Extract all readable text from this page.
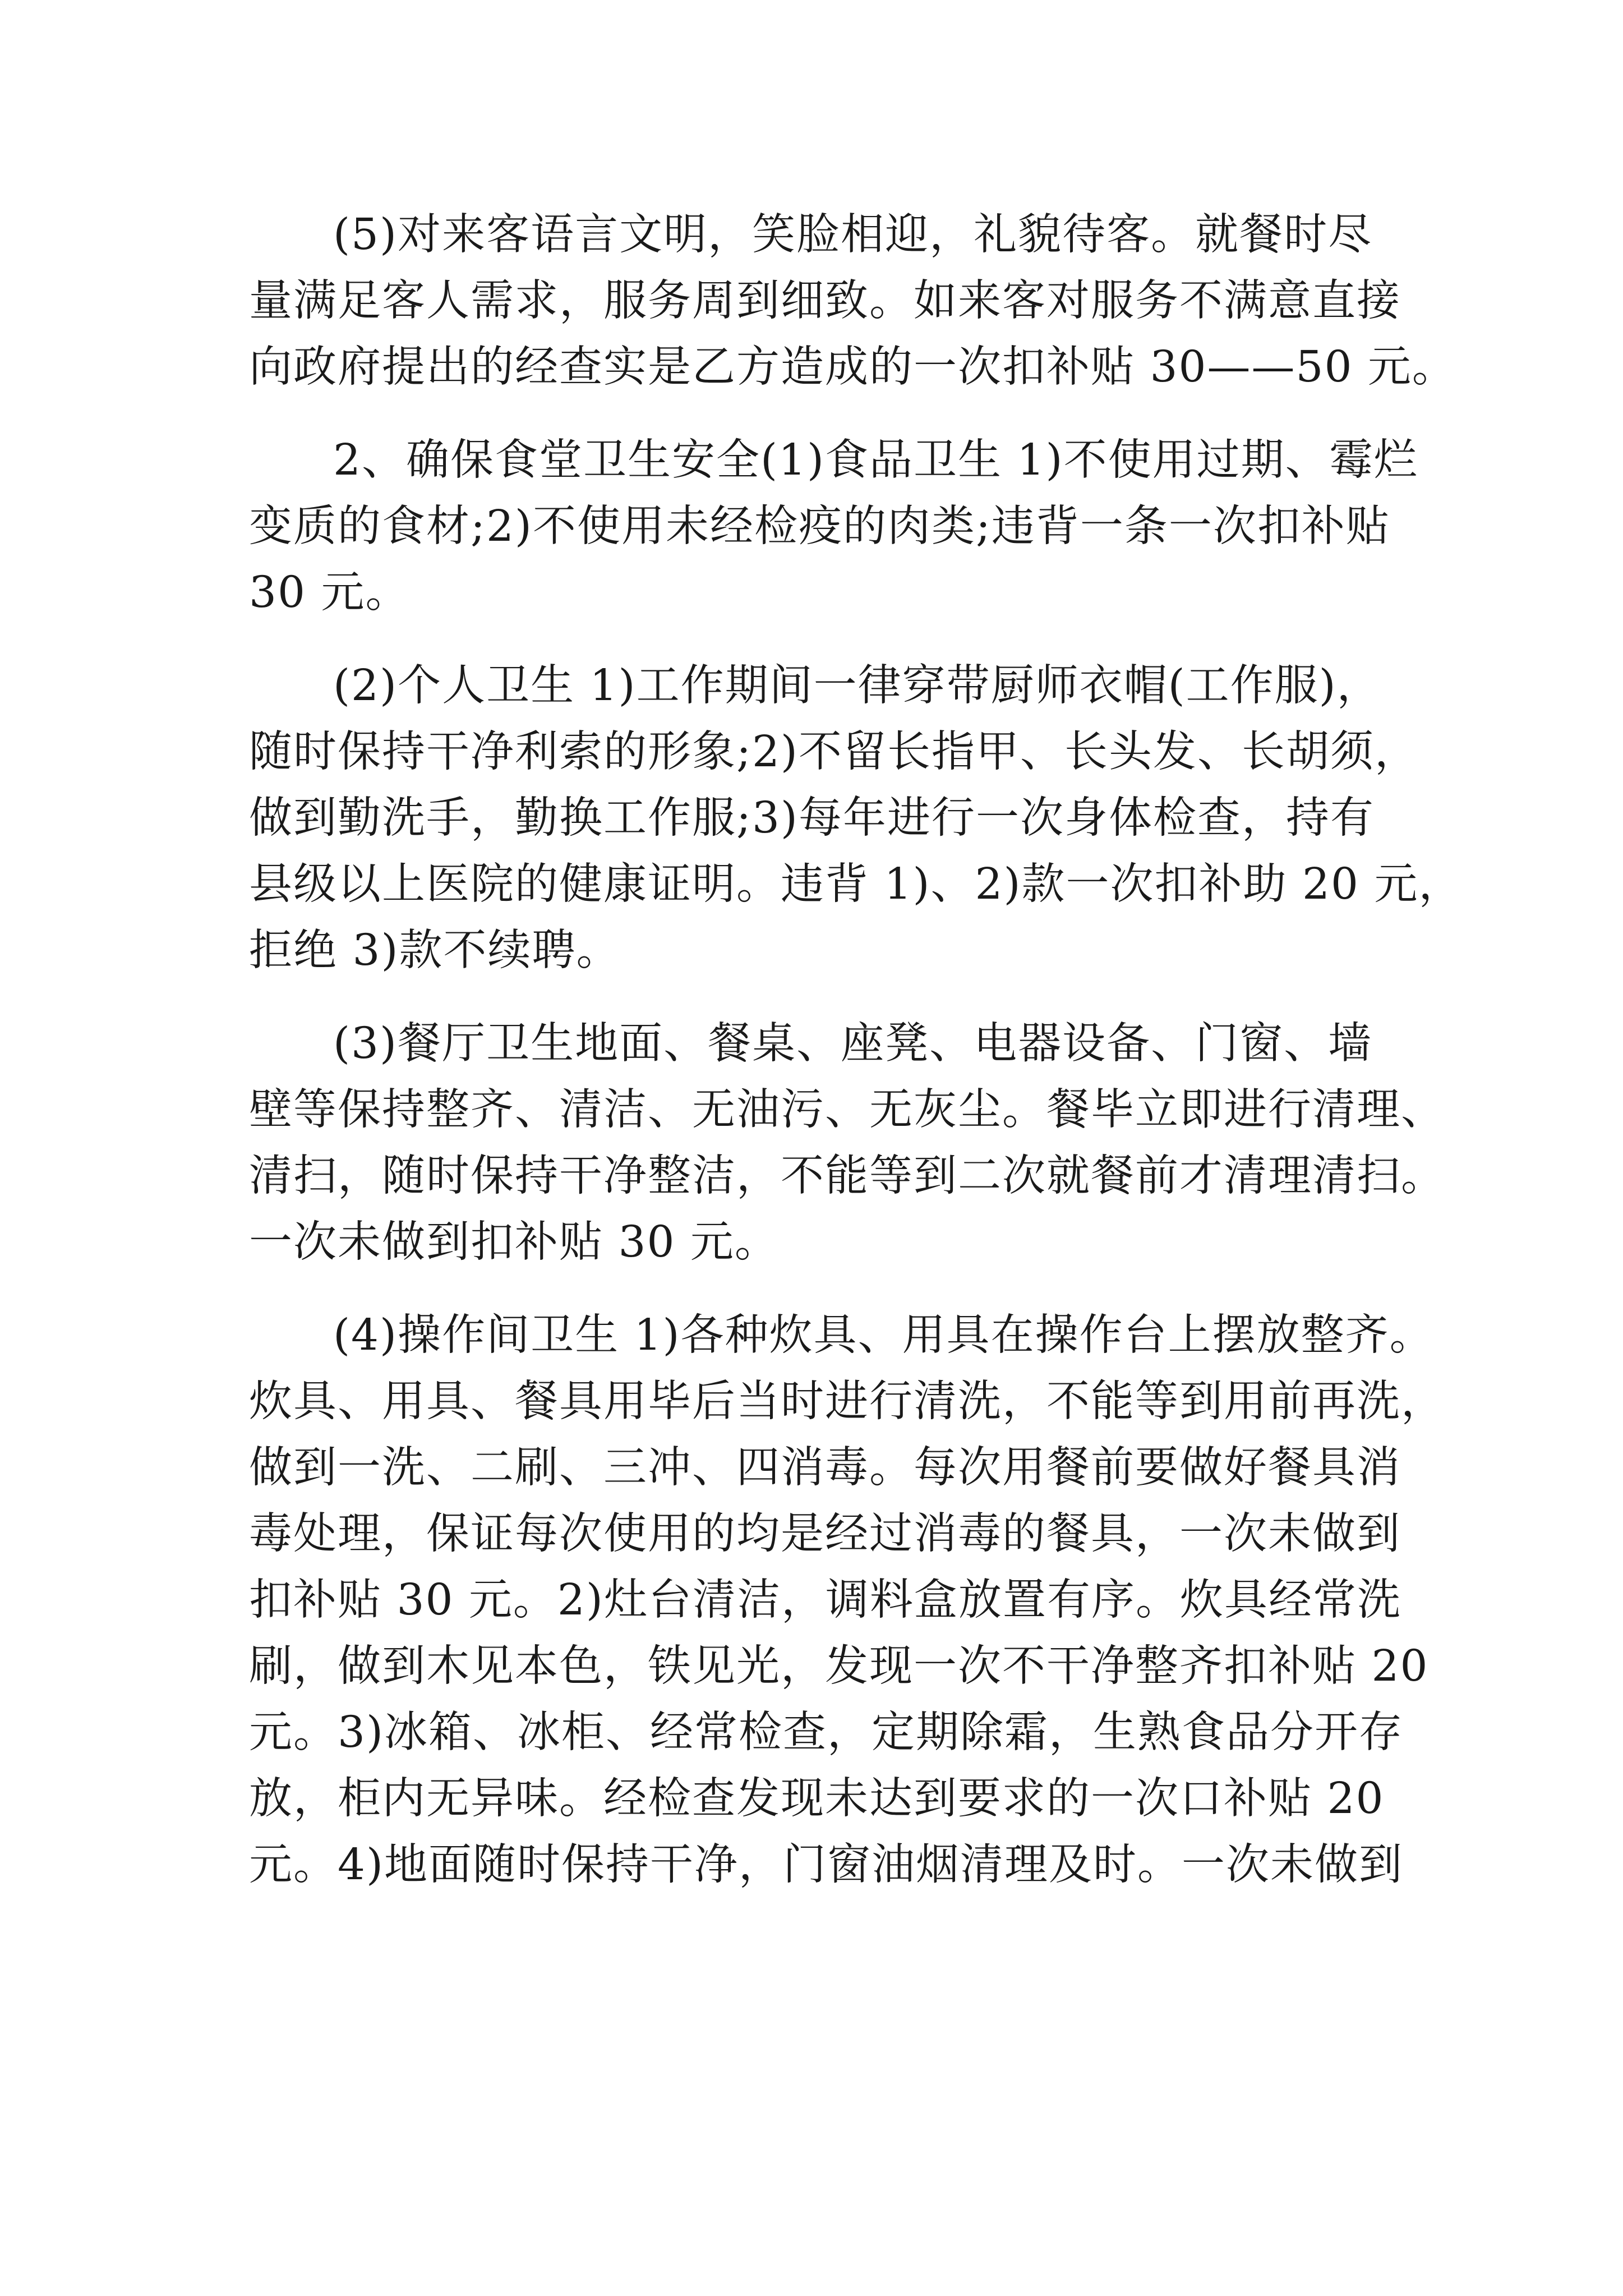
(5)对来客语言文明，笑脸相迎，礼貌待客。就餐时尽
量满足客人需求，服务周到细致。如来客对服务不满意直接
向政府提出的经查实是乙方造成的一次扣补贴 30——50 元。
2、确保食堂卫生安全(1)食品卫生 1)不使用过期、霉烂
变质的食材;2)不使用未经检疫的肉类;违背一条一次扣补贴
30 元。
(2)个人卫生 1)工作期间一律穿带厨师衣帽(工作服)，
随时保持干净利索的形象;2)不留长指甲、长头发、长胡须，
做到勤洗手，勤换工作服;3)每年进行一次身体检查，持有
县级以上医院的健康证明。违背 1)、2)款一次扣补助 20 元，
拒绝 3)款不续聘。
(3)餐厅卫生地面、餐桌、座凳、电器设备、门窗、墙
壁等保持整齐、清洁、无油污、无灰尘。餐毕立即进行清理、
清扫，随时保持干净整洁，不能等到二次就餐前才清理清扫。
一次未做到扣补贴 30 元。
(4)操作间卫生 1)各种炊具、用具在操作台上摆放整齐。
炊具、用具、餐具用毕后当时进行清洗，不能等到用前再洗，
做到一洗、二刷、三冲、四消毒。每次用餐前要做好餐具消
毒处理，保证每次使用的均是经过消毒的餐具，一次未做到
扣补贴 30 元。2)灶台清洁，调料盒放置有序。炊具经常洗
刷，做到木见本色，铁见光，发现一次不干净整齐扣补贴 20
元。3)冰箱、冰柜、经常检查，定期除霜，生熟食品分开存
放，柜内无异味。经检查发现未达到要求的一次口补贴 20
元。4)地面随时保持干净，门窗油烟清理及时。一次未做到
